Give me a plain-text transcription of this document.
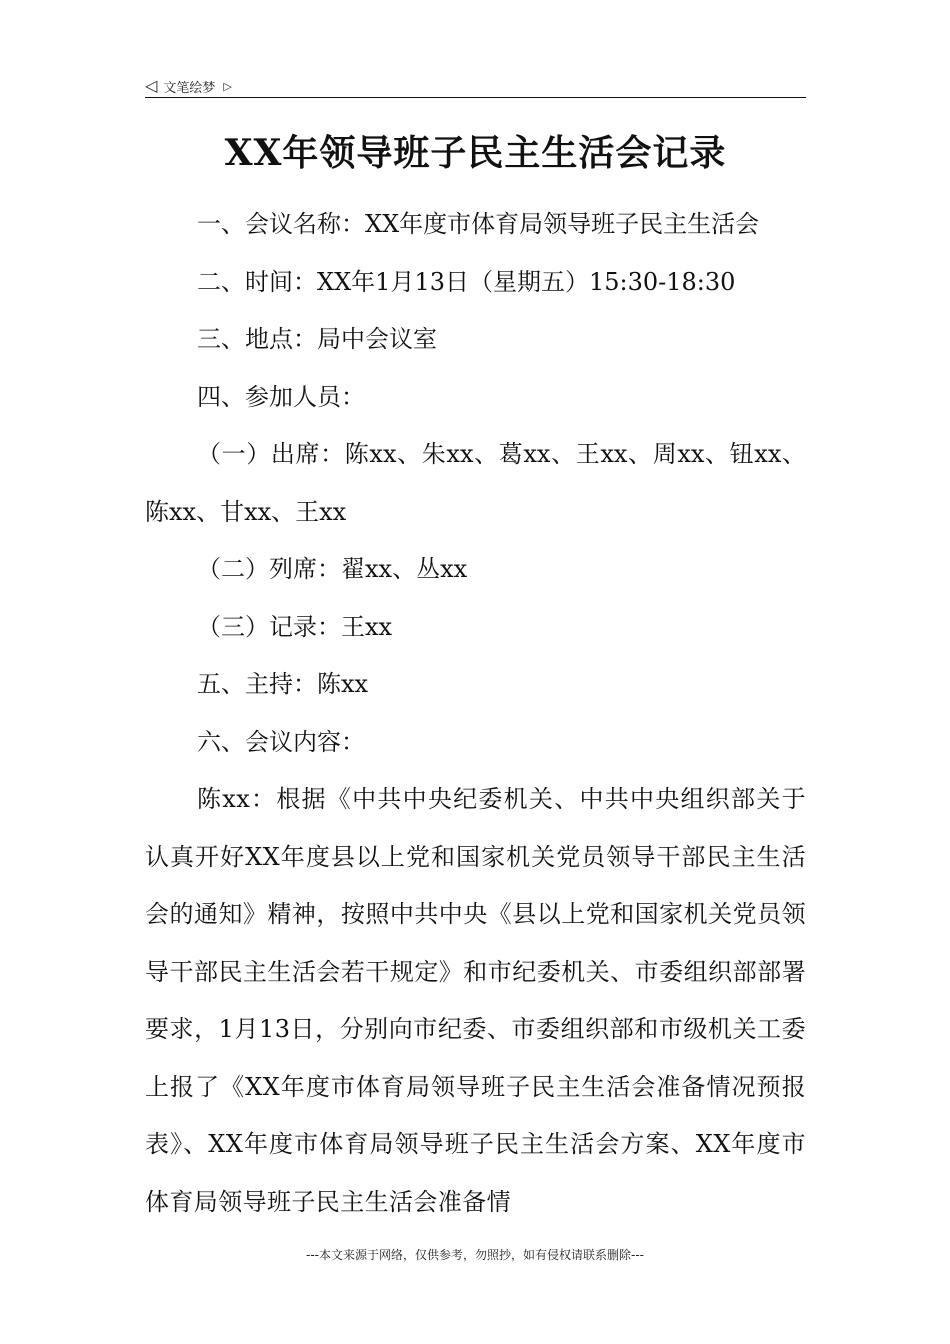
◁ 文笔绘梦 ▷
XX年领导班子民主生活会记录

一、会议名称：XX年度市体育局领导班子民主生活会

二、时间：XX年1月13日（星期五）15:30-18:30

三、地点：局中会议室

四、参加人员：

（一）出席：陈xx、朱xx、葛xx、王xx、周xx、钮xx、陈xx、甘xx、王xx

（二）列席：翟xx、丛xx

（三）记录：王xx

五、主持：陈xx

六、会议内容：

陈xx：根据《中共中央纪委机关、中共中央组织部关于认真开好XX年度县以上党和国家机关党员领导干部民主生活会的通知》精神，按照中共中央《县以上党和国家机关党员领导干部民主生活会若干规定》和市纪委机关、市委组织部部署要求，1月13日，分别向市纪委、市委组织部和市级机关工委上报了《XX年度市体育局领导班子民主生活会准备情况预报表》、XX年度市体育局领导班子民主生活会方案、XX年度市体育局领导班子民主生活会准备情

---本文来源于网络，仅供参考，勿照抄，如有侵权请联系删除---
